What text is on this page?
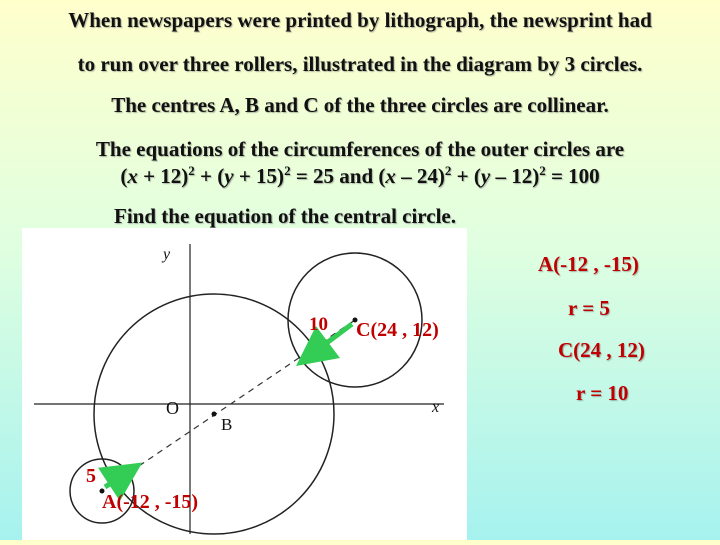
When newspapers were printed by lithograph, the newsprint had
to run over three rollers, illustrated in the diagram by 3 circles.
The centres A, B and C of the three circles are collinear.
The equations of the circumferences of the outer circles are
$(x + 12)^2 + (y + 15)^2 = 25$ and (x – 24)$^2$ + (y – 12)$^2$ = 100
Find the equation of the central circle.
x
y
O
B
10 C(24 , 12)
5
A(-12 , -15)
A(-12 , -15)
r = 5
C(24 , 12)
r = 10
